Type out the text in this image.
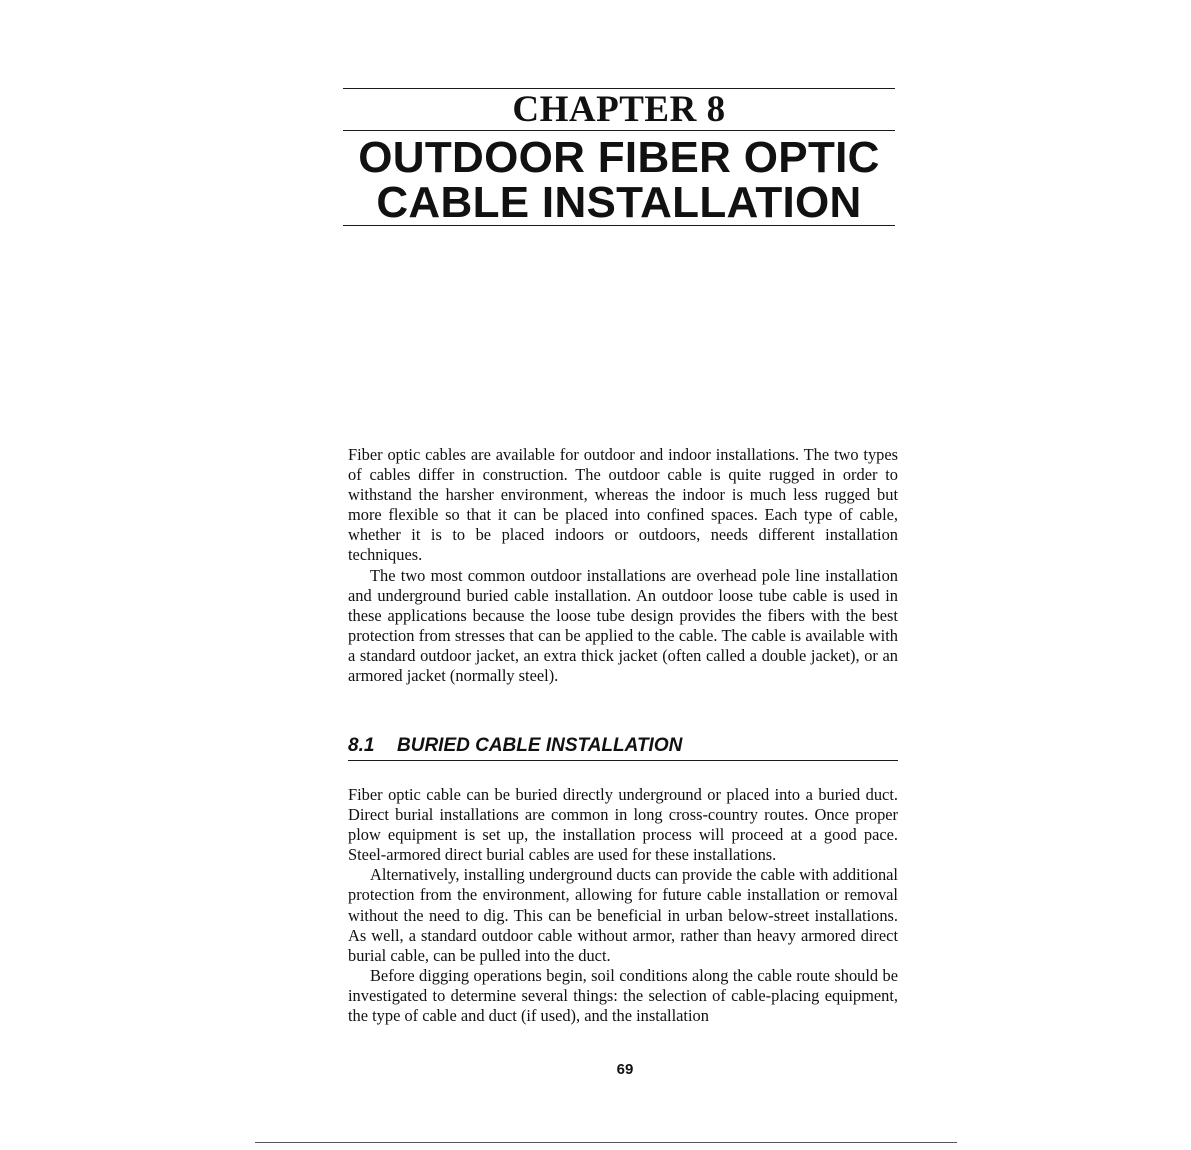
CHAPTER 8
OUTDOOR FIBER OPTIC
CABLE INSTALLATION

Fiber optic cables are available for outdoor and indoor installations. The two types of cables differ in construction. The outdoor cable is quite rugged in order to withstand the harsher environment, whereas the indoor is much less rugged but more flexible so that it can be placed into confined spaces. Each type of cable, whether it is to be placed indoors or outdoors, needs different installation techniques.

The two most common outdoor installations are overhead pole line installation and underground buried cable installation. An outdoor loose tube cable is used in these applications because the loose tube design provides the fibers with the best protection from stresses that can be applied to the cable. The cable is available with a standard outdoor jacket, an extra thick jacket (often called a double jacket), or an armored jacket (normally steel).

8.1 BURIED CABLE INSTALLATION

Fiber optic cable can be buried directly underground or placed into a buried duct. Direct burial installations are common in long cross-country routes. Once proper plow equipment is set up, the installation process will proceed at a good pace. Steel-armored direct burial cables are used for these installations.

Alternatively, installing underground ducts can provide the cable with additional protection from the environment, allowing for future cable installation or removal without the need to dig. This can be beneficial in urban below-street installations. As well, a standard outdoor cable without armor, rather than heavy armored direct burial cable, can be pulled into the duct.

Before digging operations begin, soil conditions along the cable route should be investigated to determine several things: the selection of cable-placing equipment, the type of cable and duct (if used), and the installation

69
